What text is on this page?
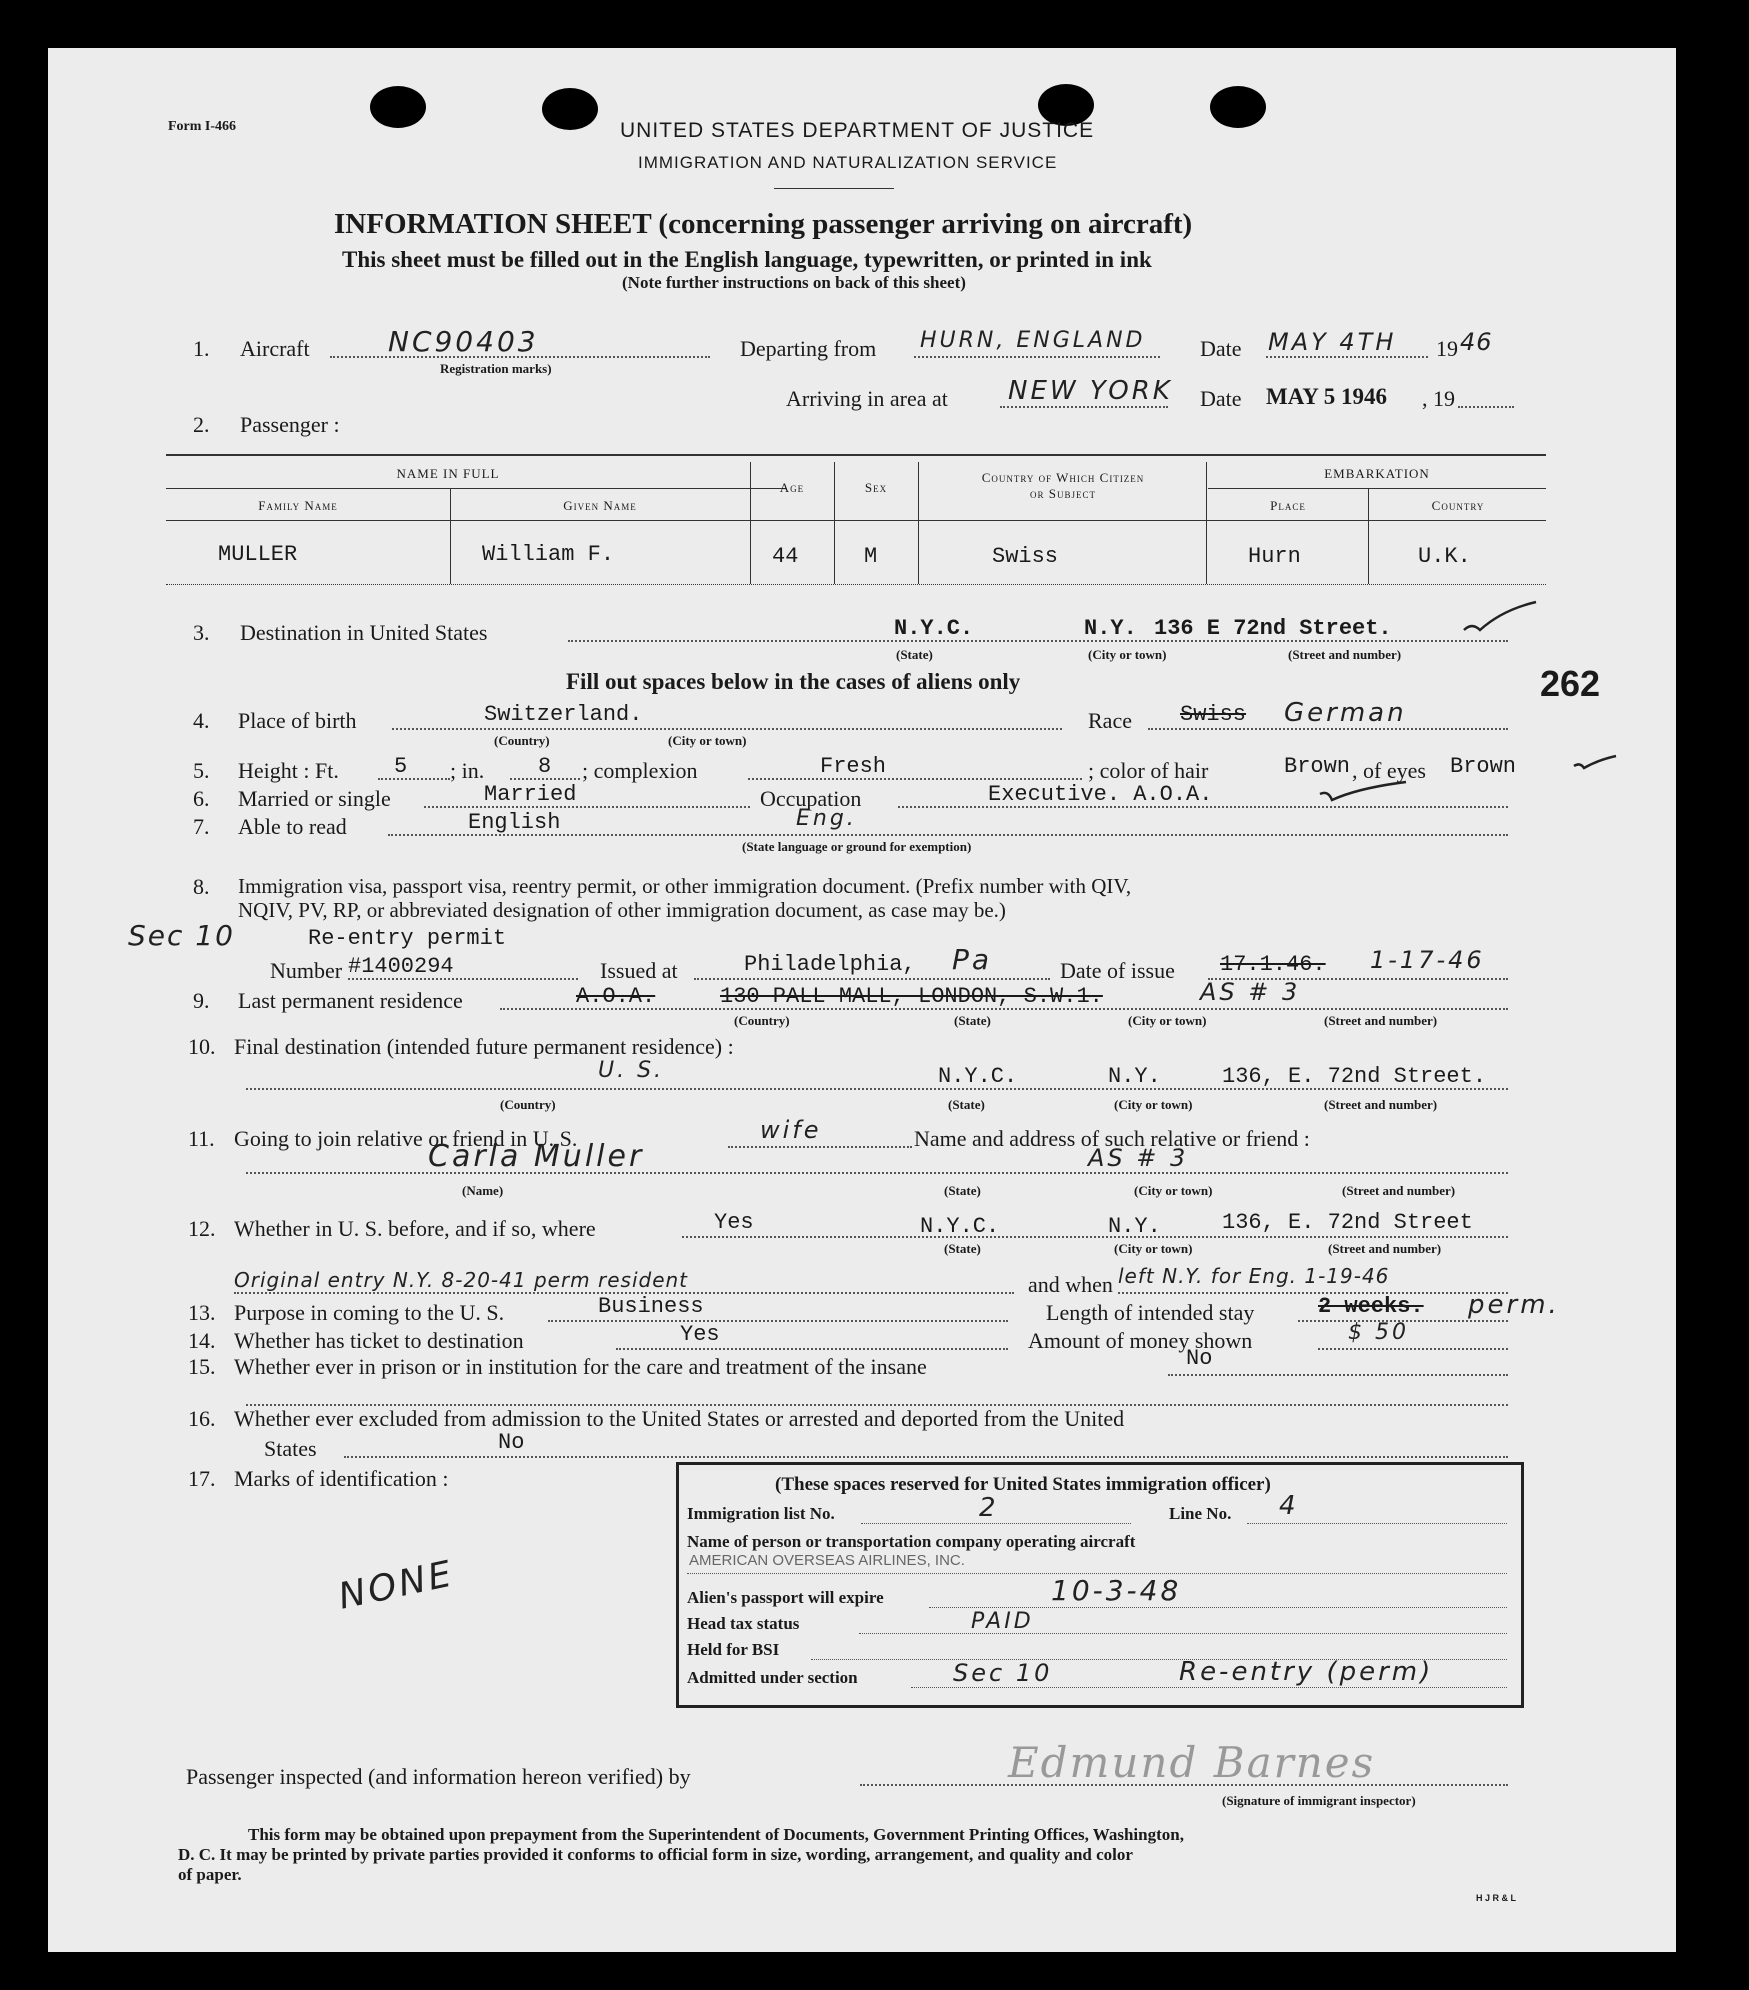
Form I-466	UNITED STATES DEPARTMENT OF JUSTICE
IMMIGRATION AND NATURALIZATION SERVICE
INFORMATION SHEET (concerning passenger arriving on aircraft)
This sheet must be filled out in the English language, typewritten, or printed in ink
(Note further instructions on back of this sheet)
1. Aircraft	NC90403
Registration marks)
Departing from HURN, ENGLAND Date MAY 4TH 19 46
Arriving in area at NEW YORK Date MAY 5 1946 , 19
2. Passenger :
NAME IN FULL
Family Name	Given Name
Age	Sex
Country of Which Citizen
or Subject
EMBARKATION
Place	Country
MULLER	William F.	44	M	Swiss	Hurn	U.K.
3. Destination in United States	N.Y.C.	N.Y. 136 E 72nd Street.
(State)	(City or town)	(Street and number)
Fill out spaces below in the cases of aliens only	262
4. Place of birth	Switzerland.
(Country)	(City or town)
Race Swiss German
5. Height : Ft.	5 ; in. 8 ; complexion	Fresh	; color of hair	Brown , of eyes Brown
6. Married or single	Married	Occupation	Executive. A.O.A.
7. Able to read	English	Eng.
(State language or ground for exemption)
8. Immigration visa, passport visa, reentry permit, or other immigration document. (Prefix number with QIV,
NQIV, PV, RP, or abbreviated designation of other immigration document, as case may be.)
Sec 10	Re-entry permit
Number #1400294	Issued at	Philadelphia, Pa	Date of issue 17.1.46. 1-17-46
9. Last permanent residence	A.O.A.	130 PALL MALL, LONDON, S.W.1.	AS # 3
(Country)	(State)	(City or town)	(Street and number)
10. Final destination (intended future permanent residence) :
U. S.	N.Y.C.	N.Y.	136, E. 72nd Street.
(Country)	(State)	(City or town)	(Street and number)
11. Going to join relative or friend in U. S.	wife	Name and address of such relative or friend :
Carla Muller	AS # 3
(Name)	(State)	(City or town)	(Street and number)
12. Whether in U. S. before, and if so, where	Yes	N.Y.C.	N.Y.	136, E. 72nd Street
(State)	(City or town)	(Street and number)
Original entry N.Y. 8-20-41 perm resident	and when left N.Y. for Eng. 1-19-46
13. Purpose in coming to the U. S.	Business	Length of intended stay	2 weeks. perm.
14. Whether has ticket to destination	Yes	Amount of money shown	$ 50
15. Whether ever in prison or in institution for the care and treatment of the insane	No
16. Whether ever excluded from admission to the United States or arrested and deported from the United
States	No
17. Marks of identification :
NONE
(These spaces reserved for United States immigration officer)
Immigration list No.	2	Line No. 4
Name of person or transportation company operating aircraft
AMERICAN OVERSEAS AIRLINES, INC.
Alien's passport will expire	10-3-48
Head tax status	PAID
Held for BSI
Admitted under section	Sec 10	Re-entry (perm)
Passenger inspected (and information hereon verified) by	Edmund Barnes
(Signature of immigrant inspector)
This form may be obtained upon prepayment from the Superintendent of Documents, Government Printing Offices, Washington,
D. C. It may be printed by private parties provided it conforms to official form in size, wording, arrangement, and quality and color
of paper.
H J R & L
